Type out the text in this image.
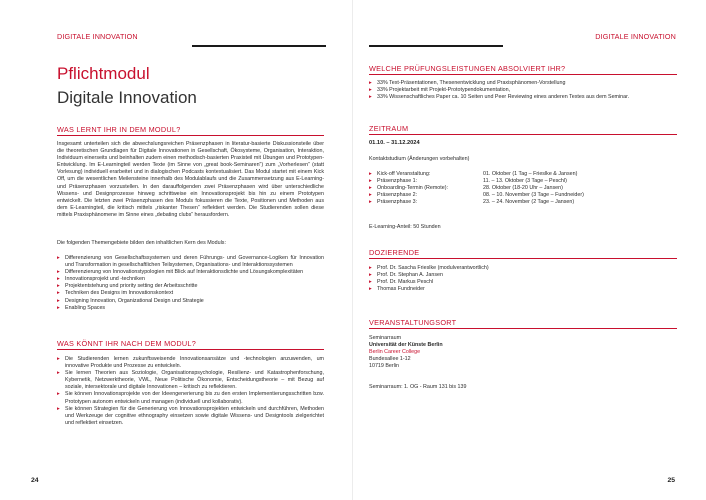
DIGITALE INNOVATION
Pflichtmodul
Digitale Innovation
WAS LERNT IHR IN DEM MODUL?
Insgesamt unterteilen sich die abwechslungsreichen Präsenzphasen in literatur-basierte Diskussionsteile über die theoretischen Grundlagen für Digitale Innovationen in Gesellschaft, Ökosysteme, Organisation, Interaktion, Individuum einerseits und beinhalten zudem einen methodisch-basierten Praxisteil mit Übungen und Prototypen-Entwicklung. Im E-Learningteil werden Texte (im Sinne von „great book-Seminaren“) zum „Vorherlesen“ (statt Vorlesung) individuell erarbeitet und in dialogischen Podcasts kontextualisiert. Das Modul startet mit einem Kick Off, um die wesentlichen Meilensteine innerhalb des Modulablaufs und die Zusammensetzung aus E-Learning- und Präsenzphasen vorzustellen. In den darauffolgenden zwei Präsenzphasen wird über unterschiedliche Wissens- und Designprozesse hinweg schrittweise ein Innovationsprojekt bis hin zu einem Prototypen entwickelt. Die letzten zwei Präsenzphasen des Moduls fokussieren die Texte, Positionen und Methoden aus dem E-Learningteil, die kritisch mittels „riskanter Thesen“ reflektiert werden. Die Studierenden sollen diese mittels Praxisphänomene im Sinne eines „debating clubs“ herausfordern.
Die folgenden Themengebiete bilden den inhaltlichen Kern des Moduls:
▸ Differenzierung von Gesellschaftssystemen und deren Führungs- und Governance-Logiken für Innovation und Transformation in gesellschaftlichen Teilsystemen, Organisations- und Interaktionssystemen
▸ Differenzierung von Innovationstypologien mit Blick auf Interaktionsdichte und Lösungskomplexitäten
▸ Innovationsprojekt und -techniken
▸ Projektentstehung und priority setting der Arbeitsschritte
▸ Techniken des Designs im Innovationskontext
▸ Designing Innovation, Organizational Design und Strategie
▸ Enabling Spaces
WAS KÖNNT IHR NACH DEM MODUL?
▸ Die Studierenden lernen zukunftsweisende Innovationsansätze und -technologien anzuwenden, um innovative Produkte und Prozesse zu entwickeln.
▸ Sie lernen Theorien aus Soziologie, Organisationspsychologie, Resilienz- und Katastrophenforschung, Kybernetik, Netzwerktheorie, VWL, Neue Politische Ökonomie, Entscheidungstheorie – mit Bezug auf soziale, intersektorale und digitale Innovationen – kritisch zu reflektieren.
▸ Sie können Innovationsprojekte von der Ideengenerierung bis zu den ersten Implementierungsschritten bzw. Prototypen autonom entwickeln und managen (individuell und kollaborativ).
▸ Sie können Strategien für die Generierung von Innovationsprojekten entwickeln und durchführen, Methoden und Werkzeuge der cognitive ethnography einsetzen sowie digitale Wissens- und Designtools zielgerichtet und reflektiert einsetzen.
24
DIGITALE INNOVATION
WELCHE PRÜFUNGSLEISTUNGEN ABSOLVIERT IHR?
▸ 33% Text-Präsentationen, Thesenentwicklung und Praxisphänomen-Vorstellung
▸ 33% Projektarbeit mit Projekt-Prototypendokumentation,
▸ 33% Wissenschaftliches Paper ca. 10 Seiten und Peer Reviewing eines anderen Textes aus dem Seminar.
ZEITRAUM
01.10. – 31.12.2024
Kontaktstudium (Änderungen vorbehalten)
▸ Kick-off Veranstaltung:	01. Oktober (1 Tag – Frieslke & Jansen)
▸ Präsenzphase 1:	11. – 13. Oktober (3 Tage – Peschl)
▸ Onboarding-Termin (Remote):	28. Oktober (18-20 Uhr – Jansen)
▸ Präsenzphase 2:	08. – 10. November (3 Tage – Fundneider)
▸ Präsenzphase 3:	23. – 24. November (2 Tage – Jansen)
E-Learning-Anteil: 50 Stunden
DOZIERENDE
▸ Prof. Dr. Sascha Frieslke (modulverantwortlich)
▸ Prof. Dr. Stephan A. Jansen
▸ Prof. Dr. Markus Peschl
▸ Thomas Fundneider
VERANSTALTUNGSORT
Seminarraum
Universität der Künste Berlin
Berlin Career College
Bundesallee 1-12
10719 Berlin
Seminarraum: 1. OG - Raum 131 bis 139
25
